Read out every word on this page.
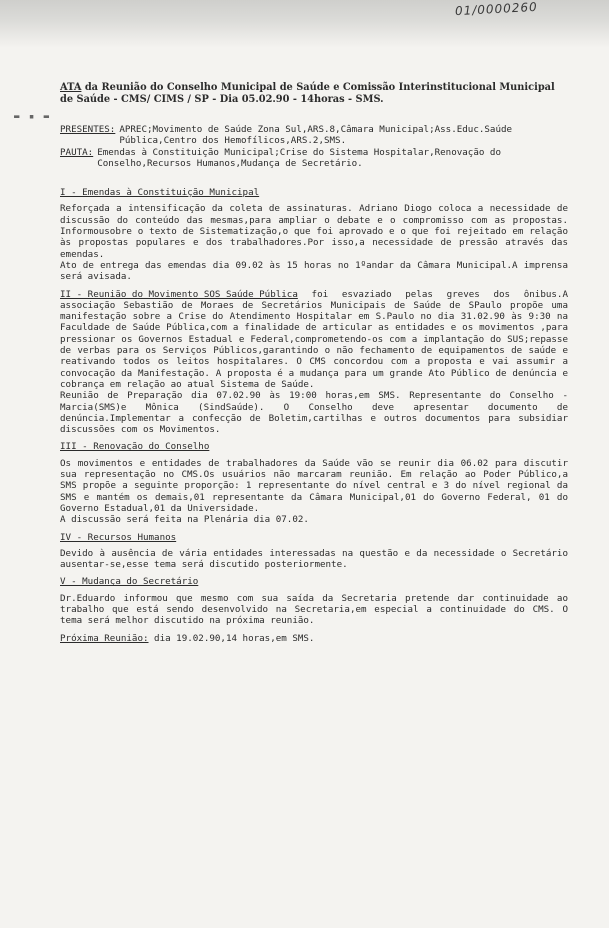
01/0000260
▬ ▪ ▬
ATA da Reunião do Conselho Municipal de Saúde e Comissão Interinstitucional Municipal de Saúde - CMS/ CIMS / SP - Dia 05.02.90 - 14horas - SMS.
PRESENTES: APREC;Movimento de Saúde Zona Sul,ARS.8,Câmara Municipal;Ass.Educ.Saúde Pública,Centro dos Hemofílicos,ARS.2,SMS.
PAUTA: Emendas à Constituição Municipal;Crise do Sistema Hospitalar,Renovação do Conselho,Recursos Humanos,Mudança de Secretário.
I - Emendas à Constituição Municipal
Reforçada a intensificação da coleta de assinaturas. Adriano Diogo coloca a necessidade de discussão do conteúdo das mesmas,para ampliar o debate e o compromisso com as propostas. Informousobre o texto de Sistematização,o que foi aprovado e o que foi rejeitado em relação às propostas populares e dos trabalhadores.Por isso,a necessidade de pressão através das emendas.
Ato de entrega das emendas dia 09.02 às 15 horas no 1ºandar da Câmara Municipal.A imprensa será avisada.
II - Reunião do Movimento SOS Saúde Pública foi esvaziado pelas greves dos ônibus.A associação Sebastião de Moraes de Secretários Municipais de Saúde de SPaulo propõe uma manifestação sobre a Crise do Atendimento Hospitalar em S.Paulo no dia 31.02.90 às 9:30 na Faculdade de Saúde Pública,com a finalidade de articular as entidades e os movimentos ,para pressionar os Governos Estadual e Federal,comprometendo-os com a implantação do SUS;repasse de verbas para os Serviços Públicos,garantindo o não fechamento de equipamentos de saúde e reativando todos os leitos hospitalares. O CMS concordou com a proposta e vai assumir a convocação da Manifestação. A proposta é a mudança para um grande Ato Público de denúncia e cobrança em relação ao atual Sistema de Saúde.
Reunião de Preparação dia 07.02.90 às 19:00 horas,em SMS. Representante do Conselho - Marcia(SMS)e Mônica (SindSaúde). O Conselho deve apresentar documento de denúncia.Implementar a confecção de Boletim,cartilhas e outros documentos para subsidiar discussões com os Movimentos.
III - Renovação do Conselho
Os movimentos e entidades de trabalhadores da Saúde vão se reunir dia 06.02 para discutir sua representação no CMS.Os usuários não marcaram reunião. Em relação ao Poder Público,a SMS propõe a seguinte proporção: 1 representante do nível central e 3 do nível regional da SMS e mantém os demais,01 representante da Câmara Municipal,01 do Governo Federal, 01 do Governo Estadual,01 da Universidade.
A discussão será feita na Plenária dia 07.02.
IV - Recursos Humanos
Devido à ausência de vária entidades interessadas na questão e da necessidade o Secretário ausentar-se,esse tema será discutido posteriormente.
V - Mudança do Secretário
Dr.Eduardo informou que mesmo com sua saída da Secretaria pretende dar continuidade ao trabalho que está sendo desenvolvido na Secretaria,em especial a continuidade do CMS. O tema será melhor discutido na próxima reunião.
Próxima Reunião: dia 19.02.90,14 horas,em SMS.
